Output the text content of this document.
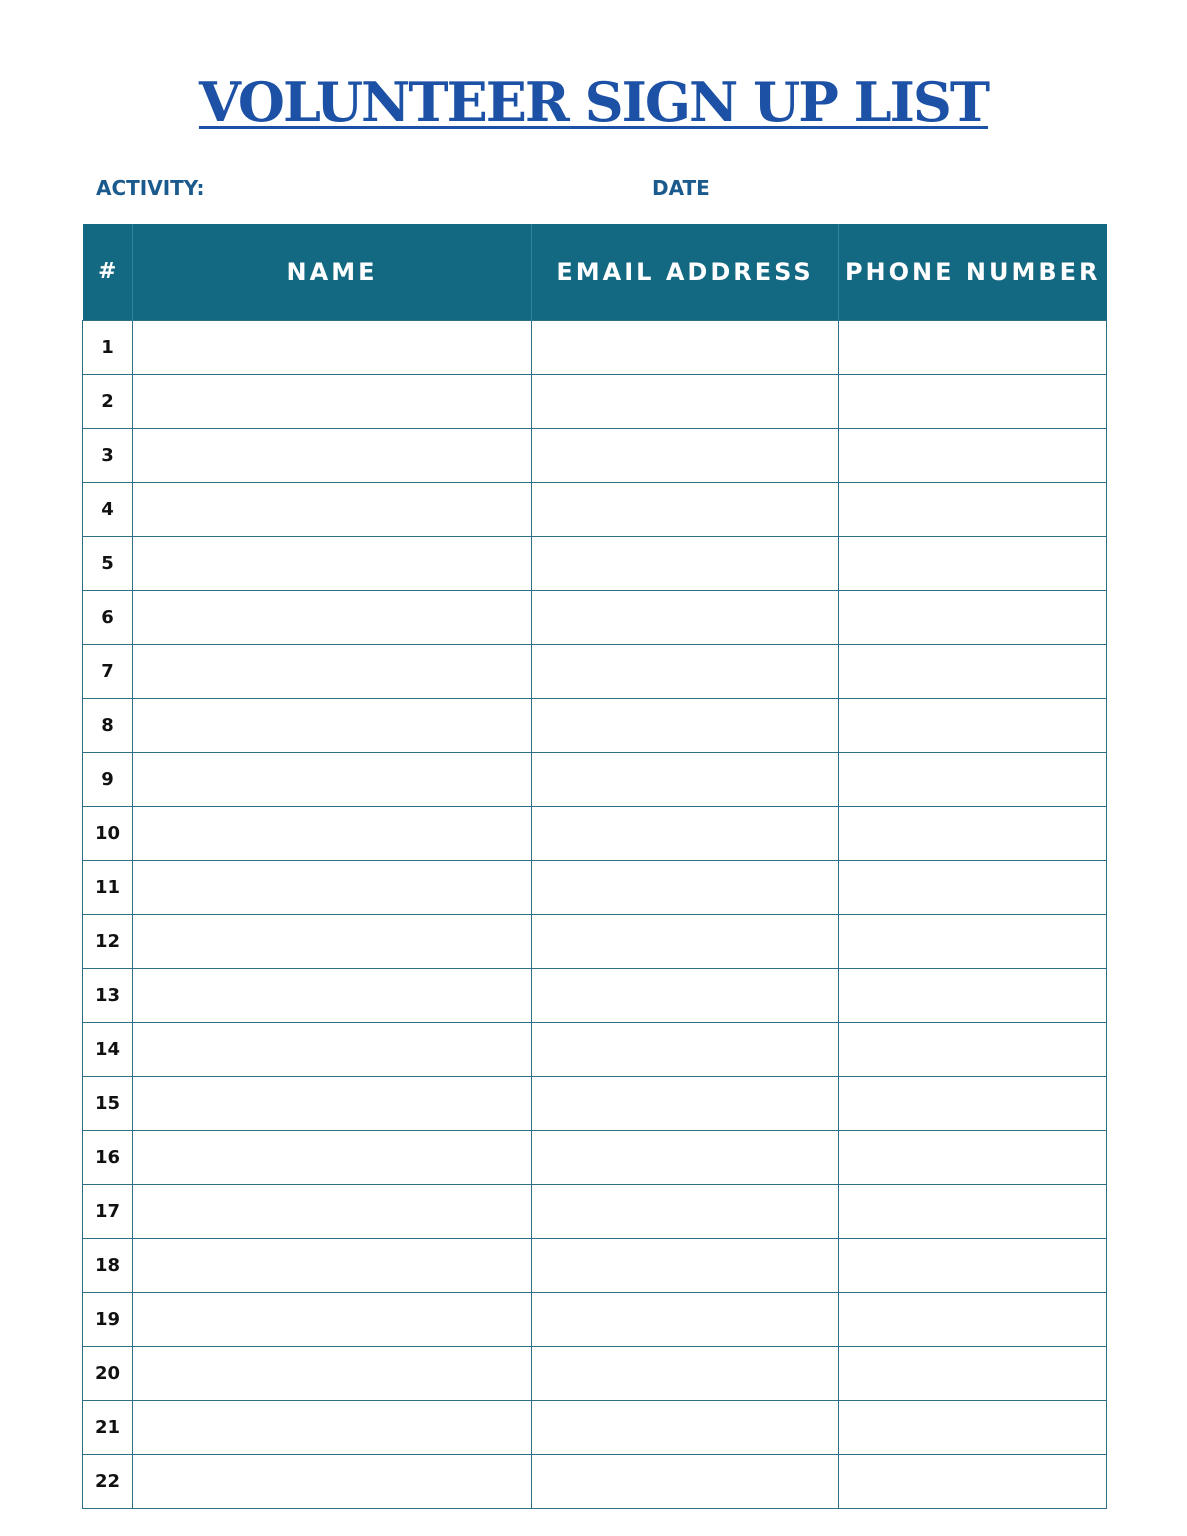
VOLUNTEER SIGN UP LIST
ACTIVITY:	DATE
#	NAME	EMAIL ADDRESS	PHONE NUMBER
1			
2			
3			
4			
5			
6			
7			
8			
9			
10			
11			
12			
13			
14			
15			
16			
17			
18			
19			
20			
21			
22			
